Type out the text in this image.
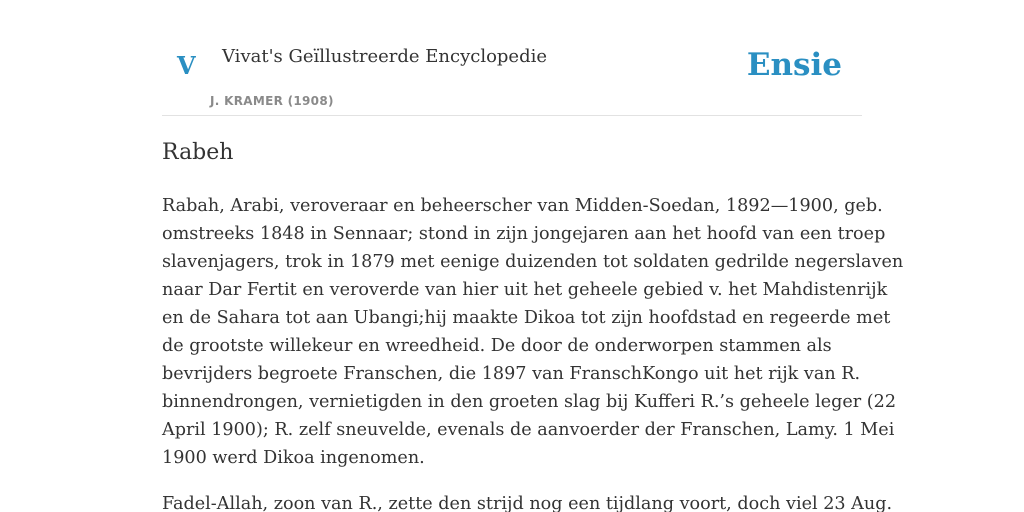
V Vivat's Geïllustreerde Encyclopedie
J. KRAMER (1908)
Ensie
Rabeh

Rabah, Arabi, veroveraar en beheerscher van Midden-Soedan, 1892—1900, geb.
omstreeks 1848 in Sennaar; stond in zijn jongejaren aan het hoofd van een troep
slavenjagers, trok in 1879 met eenige duizenden tot soldaten gedrilde negerslaven
naar Dar Fertit en veroverde van hier uit het geheele gebied v. het Mahdistenrijk
en de Sahara tot aan Ubangi;hij maakte Dikoa tot zijn hoofdstad en regeerde met
de grootste willekeur en wreedheid. De door de onderworpen stammen als
bevrijders begroete Franschen, die 1897 van FranschKongo uit het rijk van R.
binnendrongen, vernietigden in den groeten slag bij Kufferi R.’s geheele leger (22
April 1900); R. zelf sneuvelde, evenals de aanvoerder der Franschen, Lamy. 1 Mei
1900 werd Dikoa ingenomen.

Fadel-Allah, zoon van R., zette den strijd nog een tijdlang voort, doch viel 23 Aug.
